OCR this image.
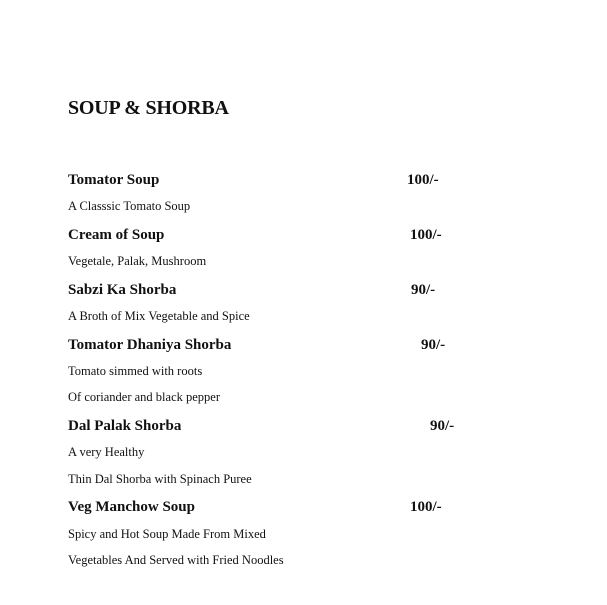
SOUP & SHORBA

Tomator Soup	100/-

A Classsic Tomato Soup

Cream of Soup	100/-

Vegetale, Palak, Mushroom

Sabzi Ka Shorba	90/-

A Broth of Mix Vegetable and Spice

Tomator Dhaniya Shorba	90/-

Tomato simmed with roots

Of coriander and black pepper

Dal Palak Shorba	90/-

A very Healthy

Thin Dal Shorba with Spinach Puree

Veg Manchow Soup	100/-

Spicy and Hot Soup Made From Mixed

Vegetables And Served with Fried Noodles
